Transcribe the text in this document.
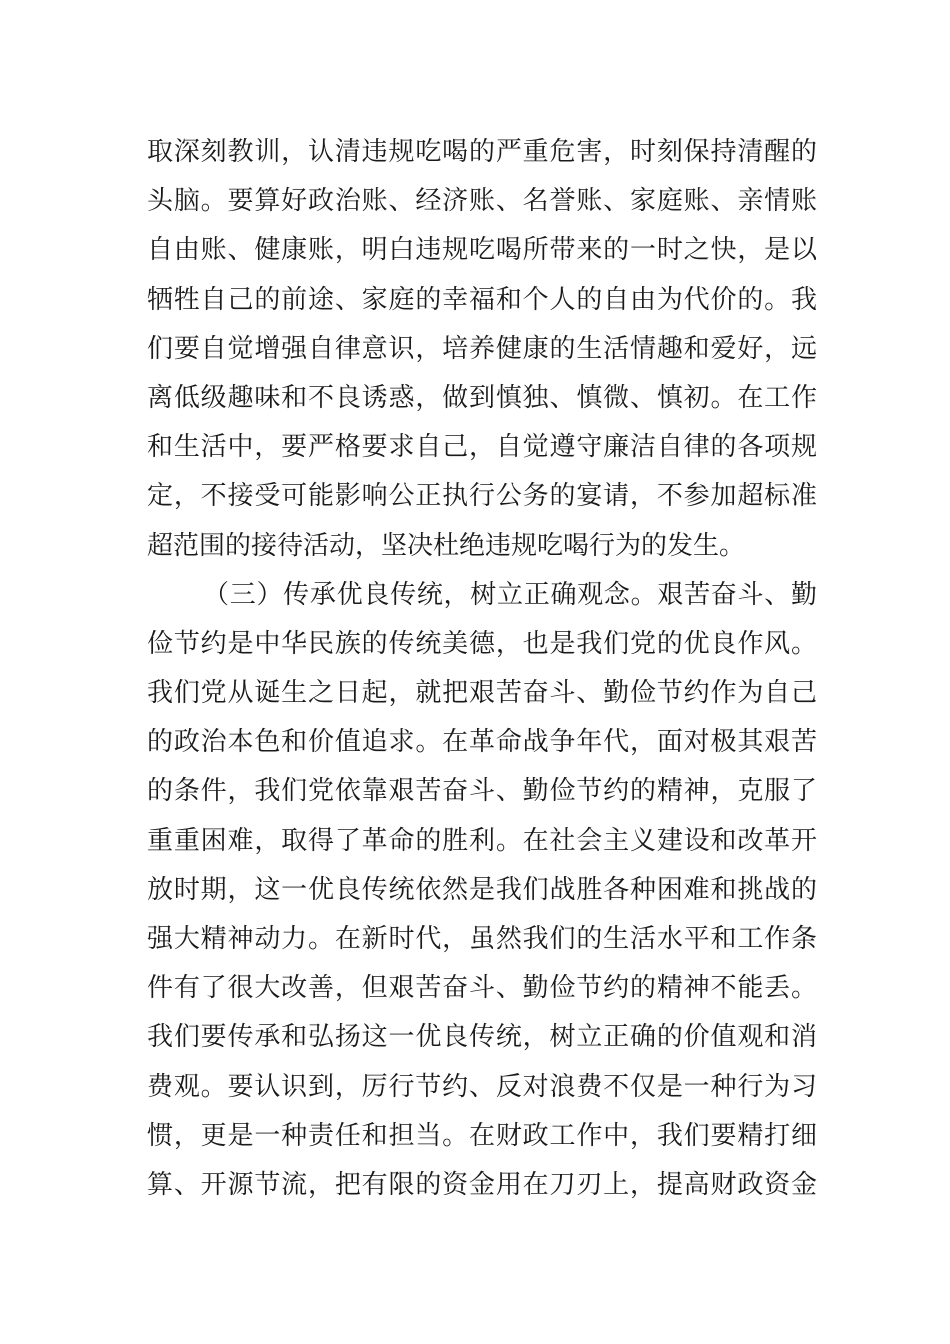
取深刻教训，认清违规吃喝的严重危害，时刻保持清醒的
头脑。要算好政治账、经济账、名誉账、家庭账、亲情账
自由账、健康账，明白违规吃喝所带来的一时之快，是以
牺牲自己的前途、家庭的幸福和个人的自由为代价的。我
们要自觉增强自律意识，培养健康的生活情趣和爱好，远
离低级趣味和不良诱惑，做到慎独、慎微、慎初。在工作
和生活中，要严格要求自己，自觉遵守廉洁自律的各项规
定，不接受可能影响公正执行公务的宴请，不参加超标准
超范围的接待活动，坚决杜绝违规吃喝行为的发生。
（三）传承优良传统，树立正确观念。艰苦奋斗、勤
俭节约是中华民族的传统美德，也是我们党的优良作风。
我们党从诞生之日起，就把艰苦奋斗、勤俭节约作为自己
的政治本色和价值追求。在革命战争年代，面对极其艰苦
的条件，我们党依靠艰苦奋斗、勤俭节约的精神，克服了
重重困难，取得了革命的胜利。在社会主义建设和改革开
放时期，这一优良传统依然是我们战胜各种困难和挑战的
强大精神动力。在新时代，虽然我们的生活水平和工作条
件有了很大改善，但艰苦奋斗、勤俭节约的精神不能丢。
我们要传承和弘扬这一优良传统，树立正确的价值观和消
费观。要认识到，厉行节约、反对浪费不仅是一种行为习
惯，更是一种责任和担当。在财政工作中，我们要精打细
算、开源节流，把有限的资金用在刀刃上，提高财政资金
